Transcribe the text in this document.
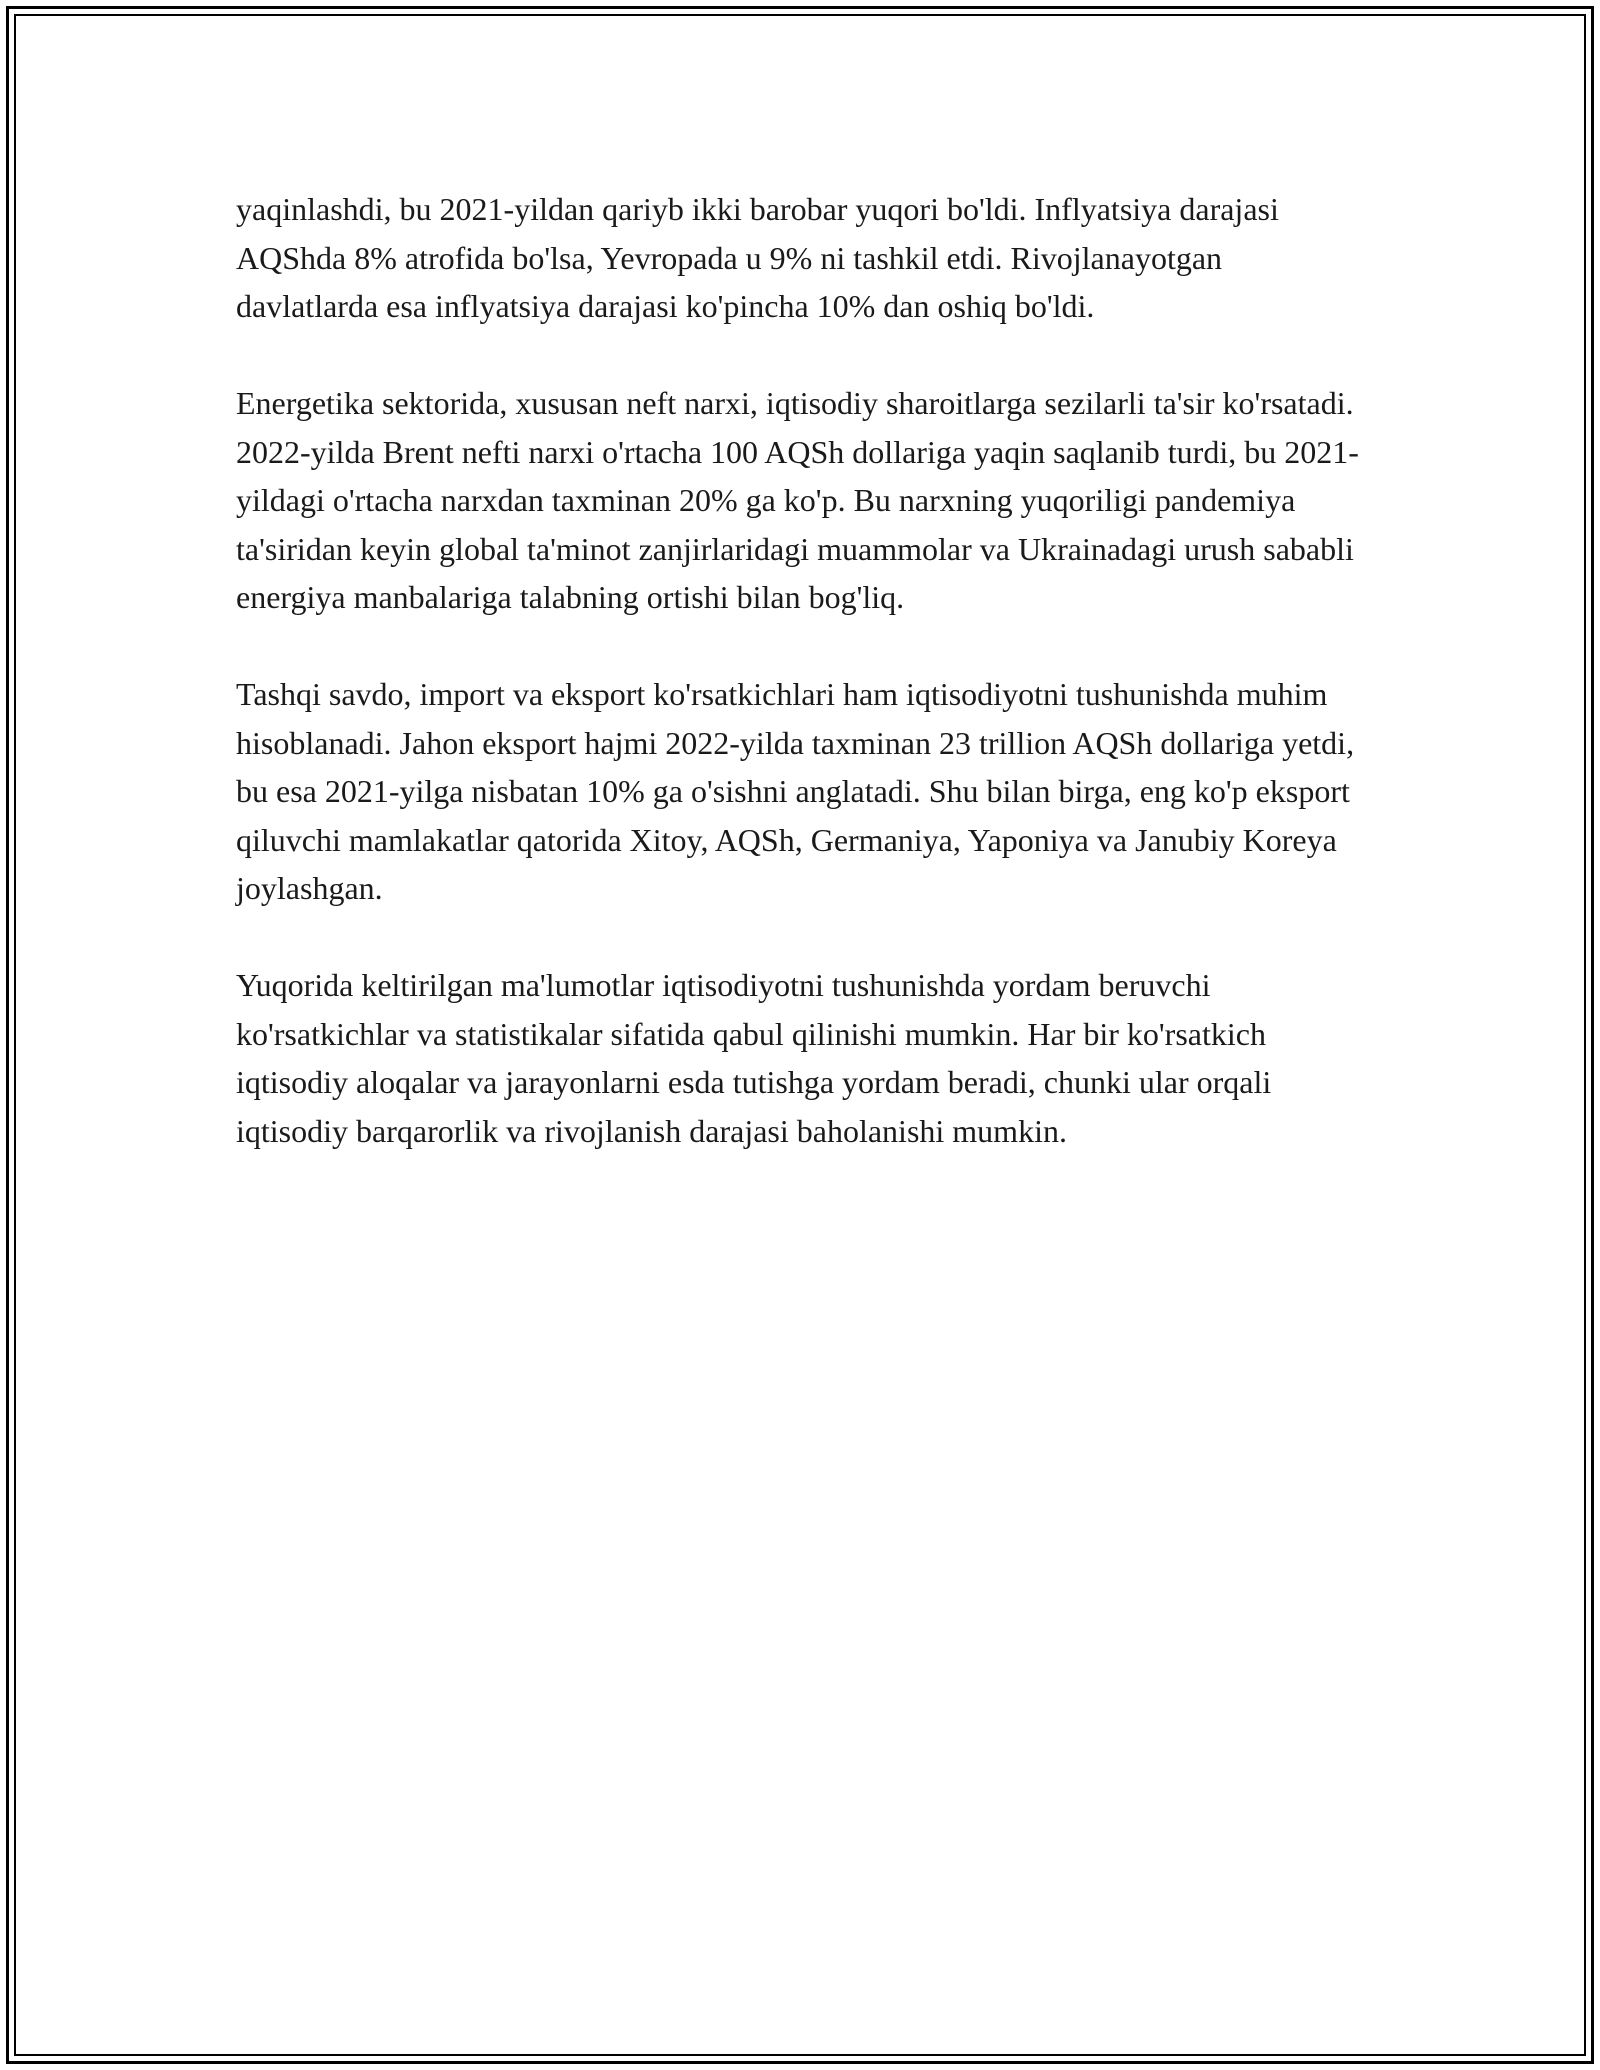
yaqinlashdi, bu 2021-yildan qariyb ikki barobar yuqori bo'ldi. Inflyatsiya darajasi AQShda 8% atrofida bo'lsa, Yevropada u 9% ni tashkil etdi. Rivojlanayotgan davlatlarda esa inflyatsiya darajasi ko'pincha 10% dan oshiq bo'ldi.

Energetika sektorida, xususan neft narxi, iqtisodiy sharoitlarga sezilarli ta'sir ko'rsatadi. 2022-yilda Brent nefti narxi o'rtacha 100 AQSh dollariga yaqin saqlanib turdi, bu 2021-yildagi o'rtacha narxdan taxminan 20% ga ko'p. Bu narxning yuqoriligi pandemiya ta'siridan keyin global ta'minot zanjirlaridagi muammolar va Ukrainadagi urush sababli energiya manbalariga talabning ortishi bilan bog'liq.

Tashqi savdo, import va eksport ko'rsatkichlari ham iqtisodiyotni tushunishda muhim hisoblanadi. Jahon eksport hajmi 2022-yilda taxminan 23 trillion AQSh dollariga yetdi, bu esa 2021-yilga nisbatan 10% ga o'sishni anglatadi. Shu bilan birga, eng ko'p eksport qiluvchi mamlakatlar qatorida Xitoy, AQSh, Germaniya, Yaponiya va Janubiy Koreya joylashgan.

Yuqorida keltirilgan ma'lumotlar iqtisodiyotni tushunishda yordam beruvchi ko'rsatkichlar va statistikalar sifatida qabul qilinishi mumkin. Har bir ko'rsatkich iqtisodiy aloqalar va jarayonlarni esda tutishga yordam beradi, chunki ular orqali iqtisodiy barqarorlik va rivojlanish darajasi baholanishi mumkin.
